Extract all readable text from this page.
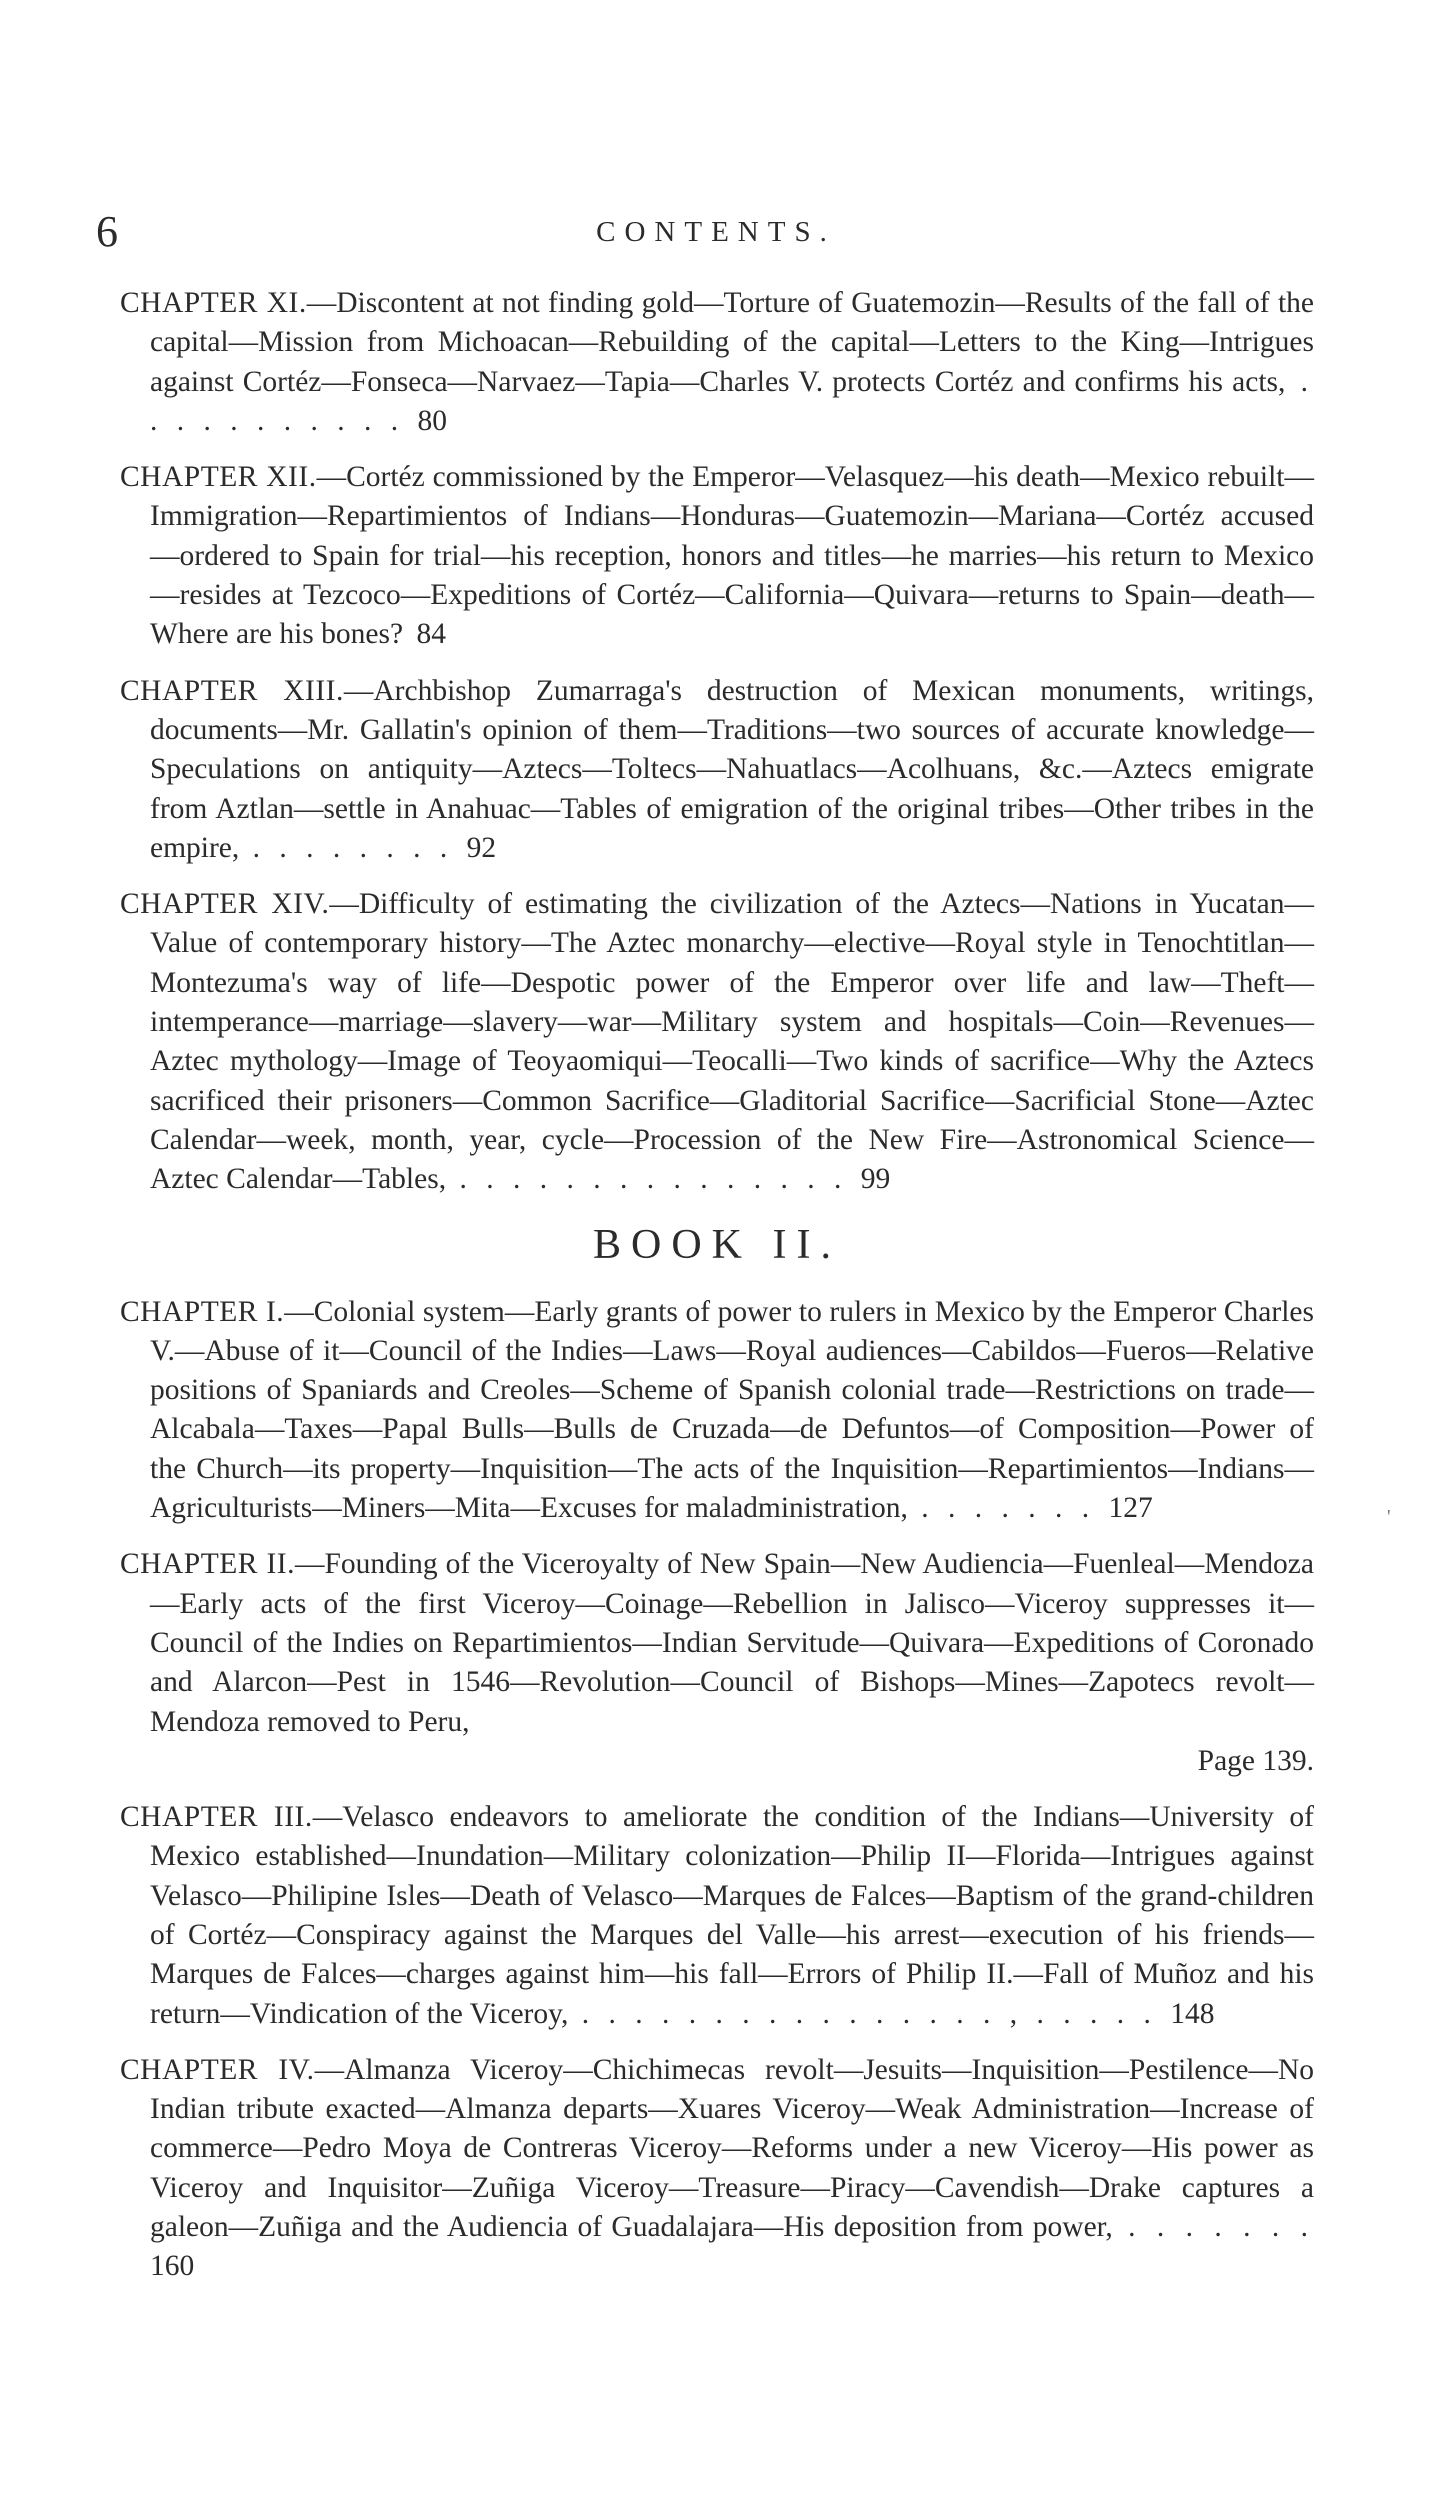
6	CONTENTS.

CHAPTER XI.—Discontent at not finding gold—Torture of Guatemozin—Results of the fall of the capital—Mission from Michoacan—Rebuilding of the capital—Letters to the King—Intrigues against Cortéz—Fonseca—Narvaez—Tapia—Charles V. protects Cortéz and confirms his acts, . . . . . . . . . . . 80

CHAPTER XII.—Cortéz commissioned by the Emperor—Velasquez—his death—Mexico rebuilt—Immigration—Repartimientos of Indians—Honduras—Guatemozin—Mariana—Cortéz accused—ordered to Spain for trial—his reception, honors and titles—he marries—his return to Mexico—resides at Tezcoco—Expeditions of Cortéz—California—Quivara—returns to Spain—death—Where are his bones? 84

CHAPTER XIII.—Archbishop Zumarraga's destruction of Mexican monuments, writings, documents—Mr. Gallatin's opinion of them—Traditions—two sources of accurate knowledge—Speculations on antiquity—Aztecs—Toltecs—Nahuatlacs—Acolhuans, &c.—Aztecs emigrate from Aztlan—settle in Anahuac—Tables of emigration of the original tribes—Other tribes in the empire, . . . . . . . . 92

CHAPTER XIV.—Difficulty of estimating the civilization of the Aztecs—Nations in Yucatan—Value of contemporary history—The Aztec monarchy—elective—Royal style in Tenochtitlan—Montezuma's way of life—Despotic power of the Emperor over life and law—Theft—intemperance—marriage—slavery—war—Military system and hospitals—Coin—Revenues—Aztec mythology—Image of Teoyaomiqui—Teocalli—Two kinds of sacrifice—Why the Aztecs sacrificed their prisoners—Common Sacrifice—Gladitorial Sacrifice—Sacrificial Stone—Aztec Calendar—week, month, year, cycle—Procession of the New Fire—Astronomical Science—Aztec Calendar—Tables, . . . . . . . . . . . . . . . 99

BOOK II.

CHAPTER I.—Colonial system—Early grants of power to rulers in Mexico by the Emperor Charles V.—Abuse of it—Council of the Indies—Laws—Royal audiences—Cabildos—Fueros—Relative positions of Spaniards and Creoles—Scheme of Spanish colonial trade—Restrictions on trade—Alcabala—Taxes—Papal Bulls—Bulls de Cruzada—de Defuntos—of Composition—Power of the Church—its property—Inquisition—The acts of the Inquisition—Repartimientos—Indians—Agriculturists—Miners—Mita—Excuses for maladministration, . . . . . . . 127

CHAPTER II.—Founding of the Viceroyalty of New Spain—New Audiencia—Fuenleal—Mendoza—Early acts of the first Viceroy—Coinage—Rebellion in Jalisco—Viceroy suppresses it—Council of the Indies on Repartimientos—Indian Servitude—Quivara—Expeditions of Coronado and Alarcon—Pest in 1546—Revolution—Council of Bishops—Mines—Zapotecs revolt—Mendoza removed to Peru,
Page 139.

CHAPTER III.—Velasco endeavors to ameliorate the condition of the Indians—University of Mexico established—Inundation—Military colonization—Philip II—Florida—Intrigues against Velasco—Philipine Isles—Death of Velasco—Marques de Falces—Baptism of the grand-children of Cortéz—Conspiracy against the Marques del Valle—his arrest—execution of his friends—Marques de Falces—charges against him—his fall—Errors of Philip II.—Fall of Muñoz and his return—Vindication of the Viceroy, . . . . . . . . . . . . . . . . , . . . . . 148

CHAPTER IV.—Almanza Viceroy—Chichimecas revolt—Jesuits—Inquisition—Pestilence—No Indian tribute exacted—Almanza departs—Xuares Viceroy—Weak Administration—Increase of commerce—Pedro Moya de Contreras Viceroy—Reforms under a new Viceroy—His power as Viceroy and Inquisitor—Zuñiga Viceroy—Treasure—Piracy—Cavendish—Drake captures a galeon—Zuñiga and the Audiencia of Guadalajara—His deposition from power, . . . . . . . 160

'
